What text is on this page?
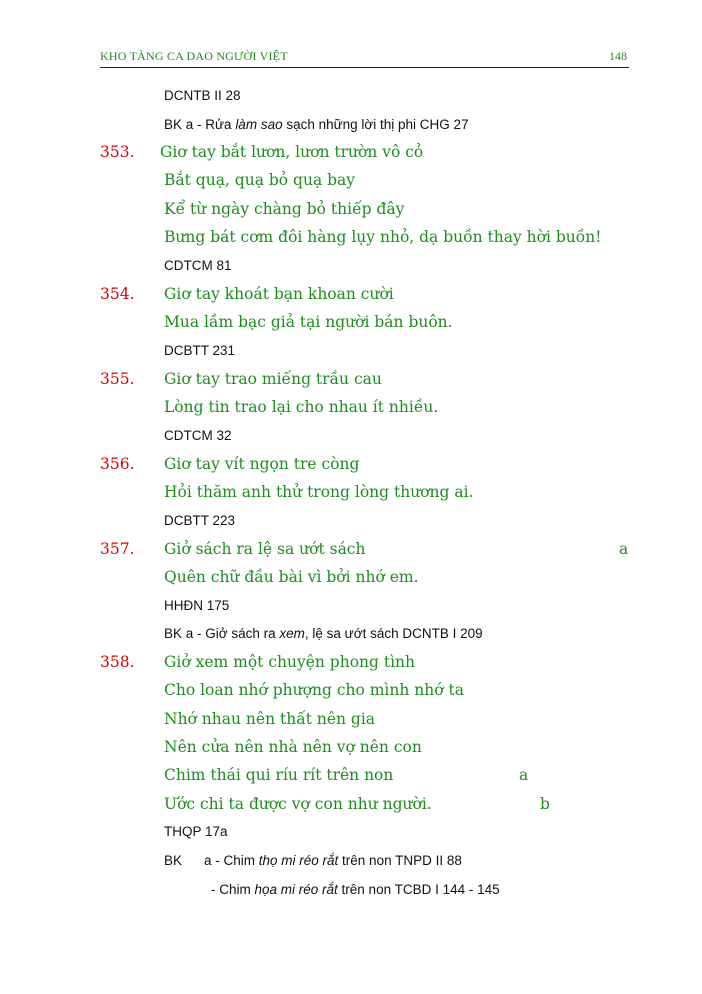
KHO TÀNG CA DAO NGƯỜI VIỆT	148
DCNTB II 28
BK a - Rửa làm sao sạch những lời thị phi CHG 27
353. Giơ tay bắt lươn, lươn trườn vô cỏ
Bắt quạ, quạ bỏ quạ bay
Kể từ ngày chàng bỏ thiếp đây
Bưng bát cơm đôi hàng lụy nhỏ, dạ buồn thay hời buồn!
CDTCM 81
354. Giơ tay khoát bạn khoan cười
Mua lầm bạc giả tại người bán buôn.
DCBTT 231
355. Giơ tay trao miếng trầu cau
Lòng tin trao lại cho nhau ít nhiều.
CDTCM 32
356. Giơ tay vít ngọn tre còng
Hỏi thăm anh thử trong lòng thương ai.
DCBTT 223
357. Giở sách ra lệ sa ướt sách	a
Quên chữ đầu bài vì bởi nhớ em.
HHĐN 175
BK a - Giở sách ra xem, lệ sa ướt sách DCNTB I 209
358. Giở xem một chuyện phong tình
Cho loan nhớ phượng cho mình nhớ ta
Nhớ nhau nên thất nên gia
Nên cửa nên nhà nên vợ nên con
Chim thái qui ríu rít trên non	a
Ước chi ta được vợ con như người.	b
THQP 17a
BK a - Chim thọ mi réo rắt trên non TNPD II 88
- Chim họa mi réo rắt trên non TCBD I 144 - 145
